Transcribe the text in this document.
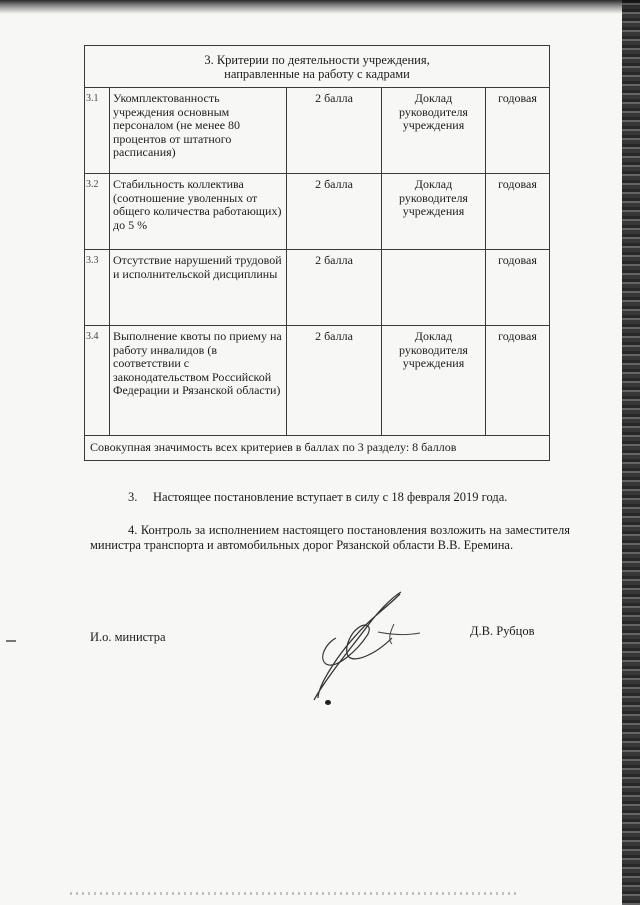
3. Критерии по деятельности учреждения,
направленные на работу с кадрами				
3.1	Укомплектованность учреждения основным персоналом (не менее 80 процентов от штатного расписания)	2 балла	Доклад руководителя учреждения	годовая
3.2	Стабильность коллектива (соотношение уволенных от общего количества работающих) до 5 %	2 балла	Доклад руководителя учреждения	годовая
3.3	Отсутствие нарушений трудовой и исполнительской дисциплины	2 балла		годовая
3.4	Выполнение квоты по приему на работу инвалидов (в соответствии с законодательством Российской Федерации и Рязанской области)	2 балла	Доклад руководителя учреждения	годовая
Совокупная значимость всех критериев в баллах по 3 разделу: 8 баллов				
3. Настоящее постановление вступает в силу с 18 февраля 2019 года.
4. Контроль за исполнением настоящего постановления возложить на заместителя министра транспорта и автомобильных дорог Рязанской области В.В. Еремина.
И.о. министра	Д.В. Рубцов
